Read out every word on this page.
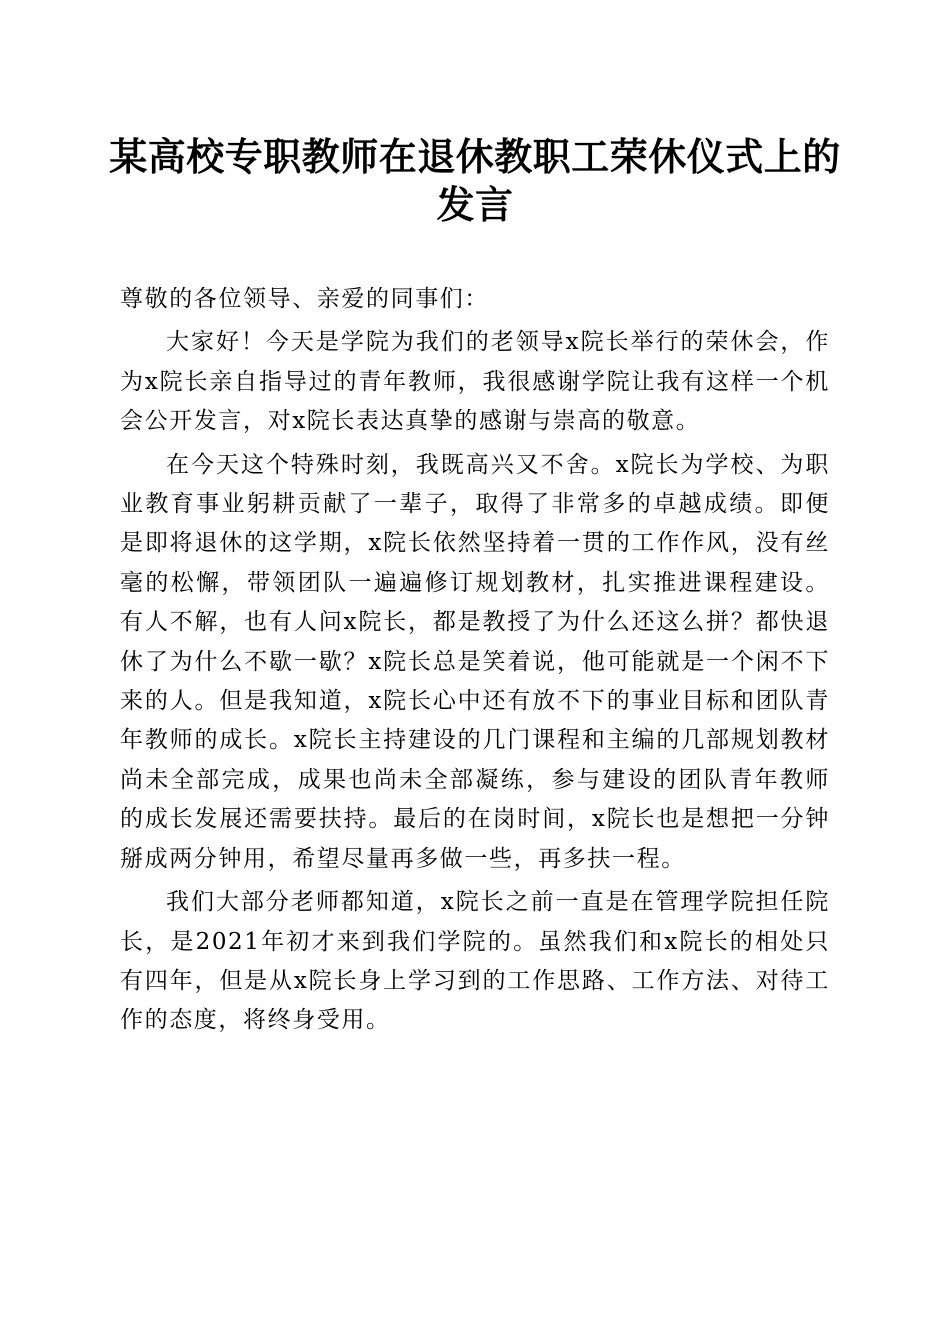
某高校专职教师在退休教职工荣休仪式上的发言

尊敬的各位领导、亲爱的同事们：

大家好！今天是学院为我们的老领导x院长举行的荣休会，作为x院长亲自指导过的青年教师，我很感谢学院让我有这样一个机会公开发言，对x院长表达真挚的感谢与崇高的敬意。

在今天这个特殊时刻，我既高兴又不舍。x院长为学校、为职业教育事业躬耕贡献了一辈子，取得了非常多的卓越成绩。即便是即将退休的这学期，x院长依然坚持着一贯的工作作风，没有丝毫的松懈，带领团队一遍遍修订规划教材，扎实推进课程建设。有人不解，也有人问x院长，都是教授了为什么还这么拼？都快退休了为什么不歇一歇？x院长总是笑着说，他可能就是一个闲不下来的人。但是我知道，x院长心中还有放不下的事业目标和团队青年教师的成长。x院长主持建设的几门课程和主编的几部规划教材尚未全部完成，成果也尚未全部凝练，参与建设的团队青年教师的成长发展还需要扶持。最后的在岗时间，x院长也是想把一分钟掰成两分钟用，希望尽量再多做一些，再多扶一程。

我们大部分老师都知道，x院长之前一直是在管理学院担任院长，是2021年初才来到我们学院的。虽然我们和x院长的相处只有四年，但是从x院长身上学习到的工作思路、工作方法、对待工作的态度，将终身受用。
